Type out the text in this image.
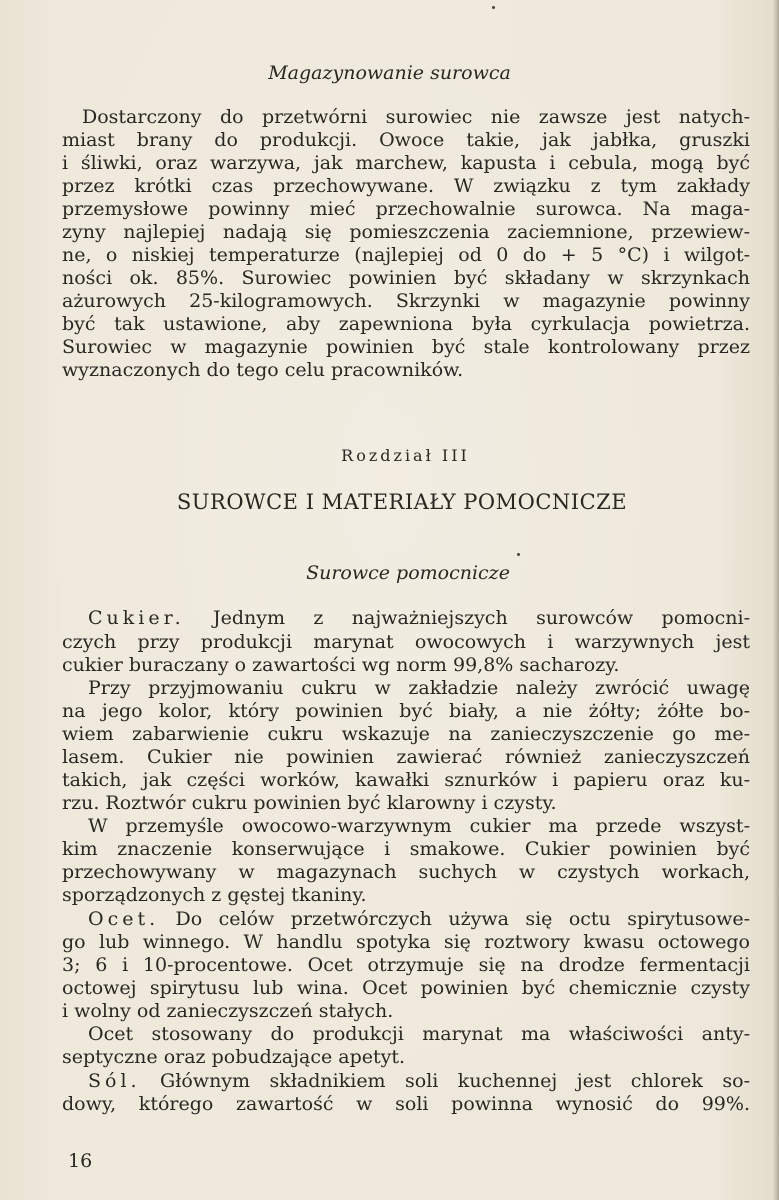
Magazynowanie surowca
Dostarczony do przetwórni surowiec nie zawsze jest natych-
miast brany do produkcji. Owoce takie, jak jabłka, gruszki
i śliwki, oraz warzywa, jak marchew, kapusta i cebula, mogą być
przez krótki czas przechowywane. W związku z tym zakłady
przemysłowe powinny mieć przechowalnie surowca. Na maga-
zyny najlepiej nadają się pomieszczenia zaciemnione, przewiew-
ne, o niskiej temperaturze (najlepiej od 0 do + 5 °C) i wilgot-
ności ok. 85%. Surowiec powinien być składany w skrzynkach
ażurowych 25-kilogramowych. Skrzynki w magazynie powinny
być tak ustawione, aby zapewniona była cyrkulacja powietrza.
Surowiec w magazynie powinien być stale kontrolowany przez
wyznaczonych do tego celu pracowników.
Rozdział III
SUROWCE I MATERIAŁY POMOCNICZE
Surowce pomocnicze
Cukier. Jednym z najważniejszych surowców pomocni-
czych przy produkcji marynat owocowych i warzywnych jest
cukier buraczany o zawartości wg norm 99,8% sacharozy.
Przy przyjmowaniu cukru w zakładzie należy zwrócić uwagę
na jego kolor, który powinien być biały, a nie żółty; żółte bo-
wiem zabarwienie cukru wskazuje na zanieczyszczenie go me-
lasem. Cukier nie powinien zawierać również zanieczyszczeń
takich, jak części worków, kawałki sznurków i papieru oraz ku-
rzu. Roztwór cukru powinien być klarowny i czysty.
W przemyśle owocowo-warzywnym cukier ma przede wszyst-
kim znaczenie konserwujące i smakowe. Cukier powinien być
przechowywany w magazynach suchych w czystych workach,
sporządzonych z gęstej tkaniny.
Ocet. Do celów przetwórczych używa się octu spirytusowe-
go lub winnego. W handlu spotyka się roztwory kwasu octowego
3; 6 i 10-procentowe. Ocet otrzymuje się na drodze fermentacji
octowej spirytusu lub wina. Ocet powinien być chemicznie czysty
i wolny od zanieczyszczeń stałych.
Ocet stosowany do produkcji marynat ma właściwości anty-
septyczne oraz pobudzające apetyt.
Sól. Głównym składnikiem soli kuchennej jest chlorek so-
dowy, którego zawartość w soli powinna wynosić do 99%.
16
